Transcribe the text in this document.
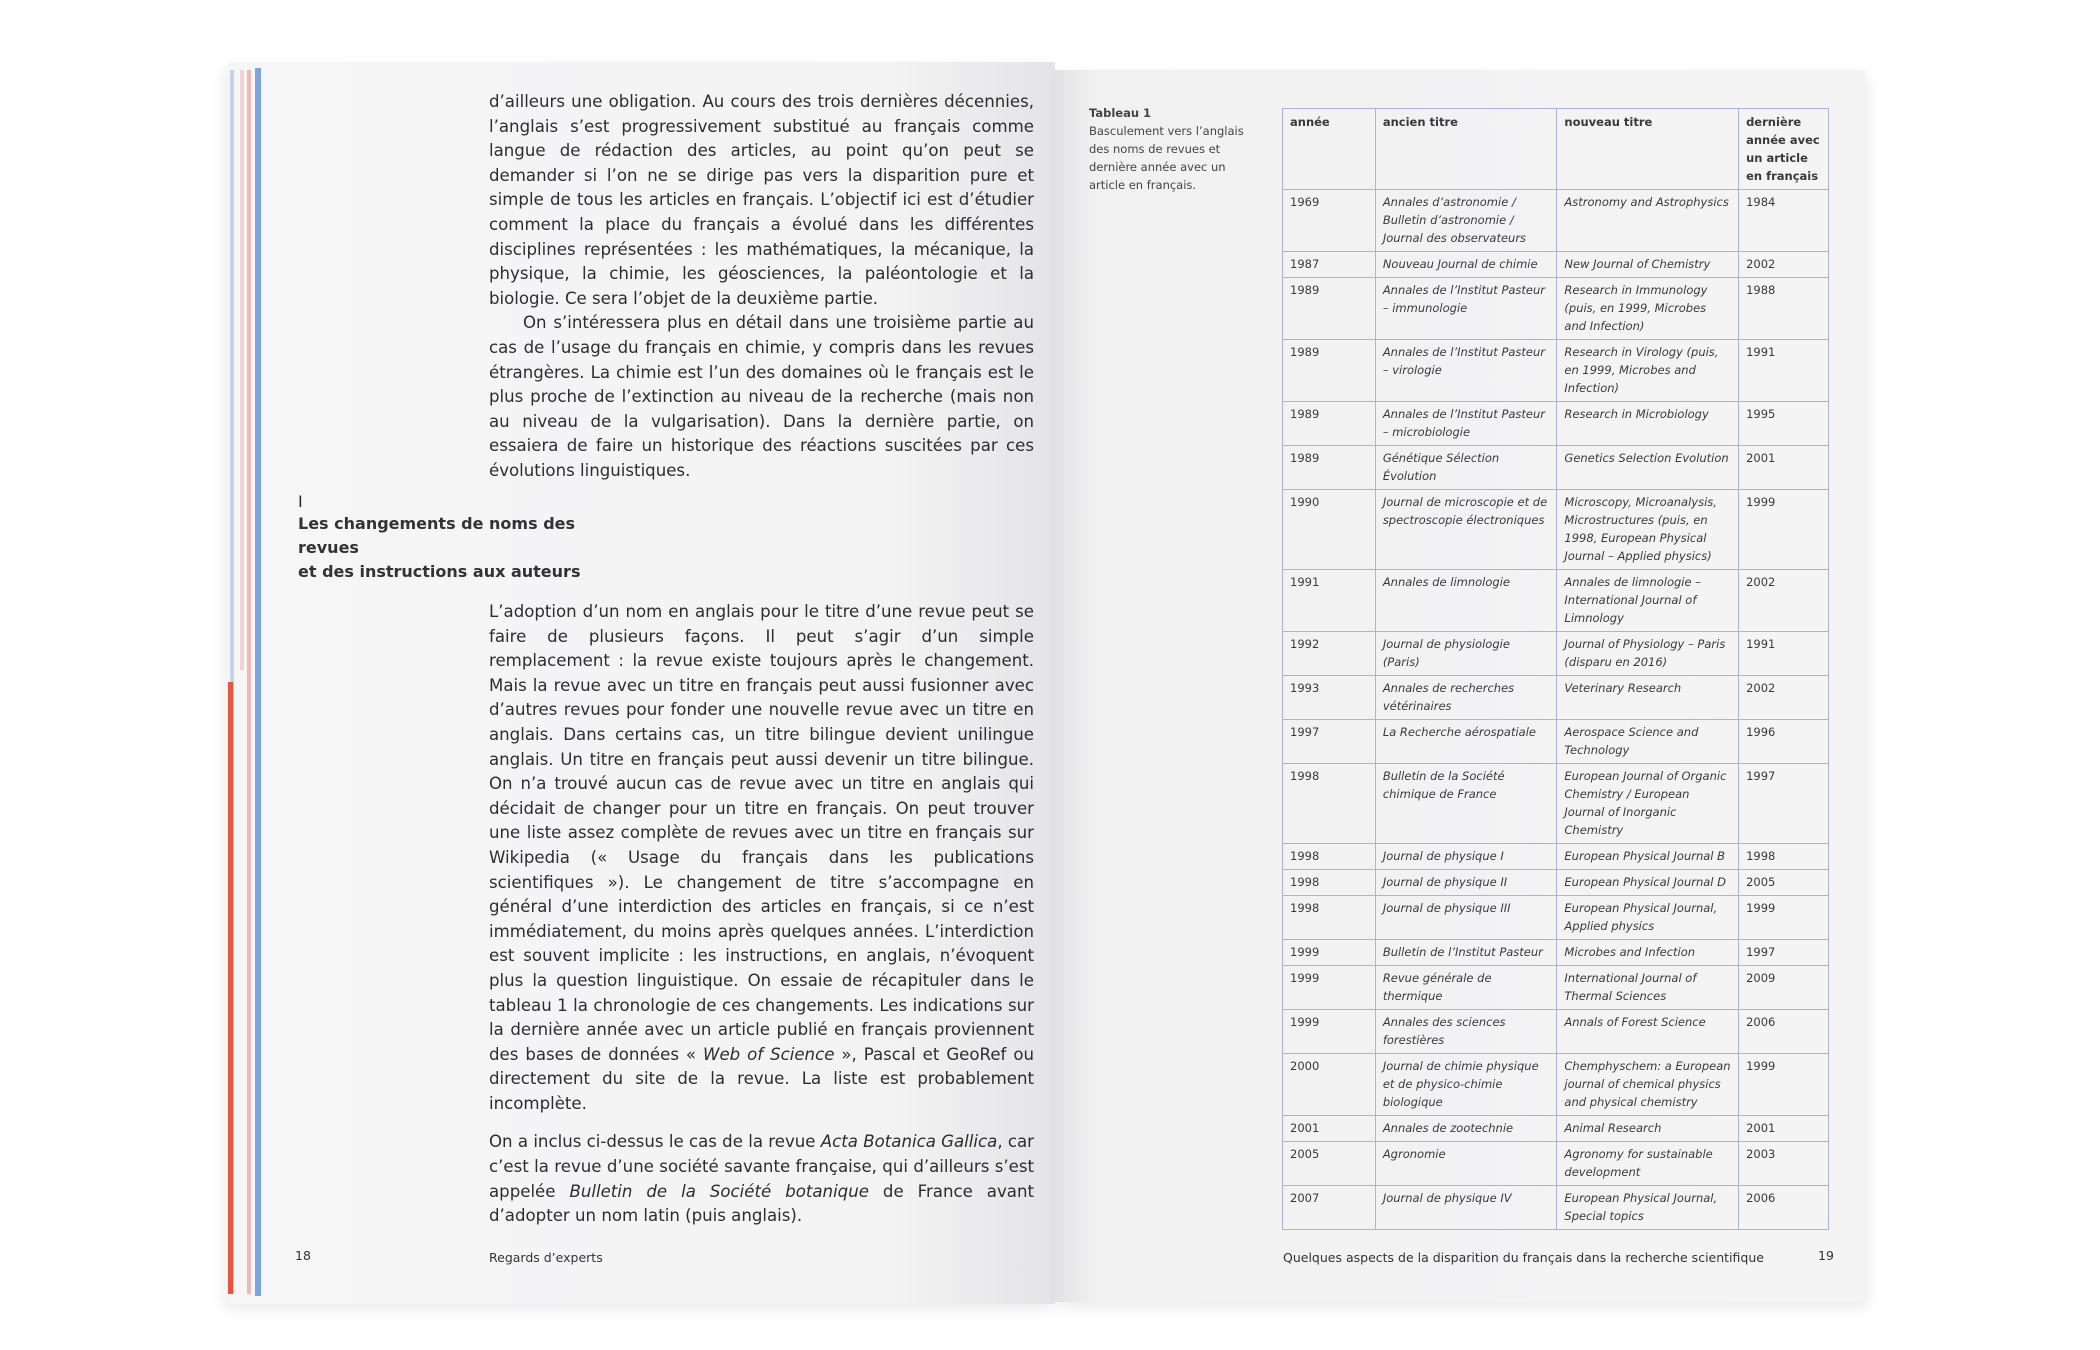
d’ailleurs une obligation. Au cours des trois dernières décennies, l’anglais s’est progressivement substitué au français comme langue de rédaction des articles, au point qu’on peut se demander si l’on ne se dirige pas vers la disparition pure et simple de tous les articles en français. L’objectif ici est d’étudier comment la place du français a évolué dans les différentes disciplines représentées : les mathématiques, la mécanique, la physique, la chimie, les géosciences, la paléontologie et la biologie. Ce sera l’objet de la deuxième partie.

On s’intéressera plus en détail dans une troisième partie au cas de l’usage du français en chimie, y compris dans les revues étrangères. La chimie est l’un des domaines où le français est le plus proche de l’extinction au niveau de la recherche (mais non au niveau de la vulgarisation). Dans la dernière partie, on essaiera de faire un historique des réactions suscitées par ces évolutions linguistiques.

I
Les changements de noms des revues
et des instructions aux auteurs

L’adoption d’un nom en anglais pour le titre d’une revue peut se faire de plusieurs façons. Il peut s’agir d’un simple remplacement : la revue existe toujours après le changement. Mais la revue avec un titre en français peut aussi fusionner avec d’autres revues pour fonder une nouvelle revue avec un titre en anglais. Dans certains cas, un titre bilingue devient unilingue anglais. Un titre en français peut aussi devenir un titre bilingue. On n’a trouvé aucun cas de revue avec un titre en anglais qui décidait de changer pour un titre en français. On peut trouver une liste assez complète de revues avec un titre en français sur Wikipedia (« Usage du français dans les publications scientifiques »). Le changement de titre s’accompagne en général d’une interdiction des articles en français, si ce n’est immédiatement, du moins après quelques années. L’interdiction est souvent implicite : les instructions, en anglais, n’évoquent plus la question linguistique. On essaie de récapituler dans le tableau 1 la chronologie de ces changements. Les indications sur la dernière année avec un article publié en français proviennent des bases de données « Web of Science », Pascal et GeoRef ou directement du site de la revue. La liste est probablement incomplète.

On a inclus ci-dessus le cas de la revue Acta Botanica Gallica, car c’est la revue d’une société savante française, qui d’ailleurs s’est appelée Bulletin de la Société botanique de France avant d’adopter un nom latin (puis anglais).

18	Regards d’experts
Tableau 1
Basculement vers l’anglais des noms de revues et dernière année avec un article en français.
année	ancien titre	nouveau titre	dernière année avec un article en français
1969	Annales d’astronomie / Bulletin d’astronomie / Journal des observateurs	Astronomy and Astrophysics	1984
1987	Nouveau Journal de chimie	New Journal of Chemistry	2002
1989	Annales de l’Institut Pasteur – immunologie	Research in Immunology (puis, en 1999, Microbes and Infection)	1988
1989	Annales de l’Institut Pasteur – virologie	Research in Virology (puis, en 1999, Microbes and Infection)	1991
1989	Annales de l’Institut Pasteur – microbiologie	Research in Microbiology	1995
1989	Génétique Sélection Évolution	Genetics Selection Evolution	2001
1990	Journal de microscopie et de spectroscopie électroniques	Microscopy, Microanalysis, Microstructures (puis, en 1998, European Physical Journal – Applied physics)	1999
1991	Annales de limnologie	Annales de limnologie – International Journal of Limnology	2002
1992	Journal de physiologie (Paris)	Journal of Physiology – Paris (disparu en 2016)	1991
1993	Annales de recherches vétérinaires	Veterinary Research	2002
1997	La Recherche aérospatiale	Aerospace Science and Technology	1996
1998	Bulletin de la Société chimique de France	European Journal of Organic Chemistry / European Journal of Inorganic Chemistry	1997
1998	Journal de physique I	European Physical Journal B	1998
1998	Journal de physique II	European Physical Journal D	2005
1998	Journal de physique III	European Physical Journal, Applied physics	1999
1999	Bulletin de l’Institut Pasteur	Microbes and Infection	1997
1999	Revue générale de thermique	International Journal of Thermal Sciences	2009
1999	Annales des sciences forestières	Annals of Forest Science	2006
2000	Journal de chimie physique et de physico-chimie biologique	Chemphyschem: a European journal of chemical physics and physical chemistry	1999
2001	Annales de zootechnie	Animal Research	2001
2005	Agronomie	Agronomy for sustainable development	2003
2007	Journal de physique IV	European Physical Journal, Special topics	2006
Quelques aspects de la disparition du français dans la recherche scientifique	19
